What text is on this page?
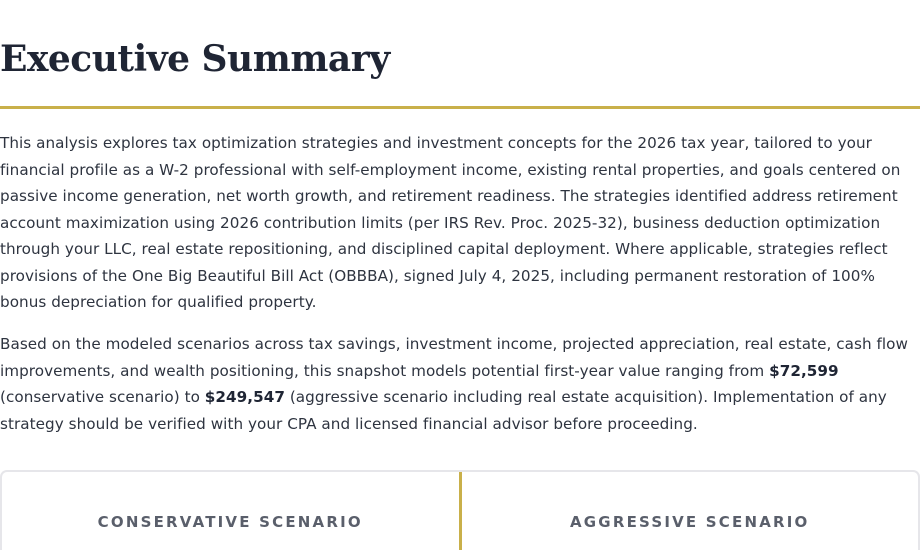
Executive Summary

This analysis explores tax optimization strategies and investment concepts for the 2026 tax year, tailored to your financial profile as a W-2 professional with self-employment income, existing rental properties, and goals centered on passive income generation, net worth growth, and retirement readiness. The strategies identified address retirement account maximization using 2026 contribution limits (per IRS Rev. Proc. 2025-32), business deduction optimization through your LLC, real estate repositioning, and disciplined capital deployment. Where applicable, strategies reflect provisions of the One Big Beautiful Bill Act (OBBBA), signed July 4, 2025, including permanent restoration of 100% bonus depreciation for qualified property.

Based on the modeled scenarios across tax savings, investment income, projected appreciation, real estate, cash flow improvements, and wealth positioning, this snapshot models potential first-year value ranging from $72,599 (conservative scenario) to $249,547 (aggressive scenario including real estate acquisition). Implementation of any strategy should be verified with your CPA and licensed financial advisor before proceeding.

CONSERVATIVE SCENARIO	AGGRESSIVE SCENARIO
